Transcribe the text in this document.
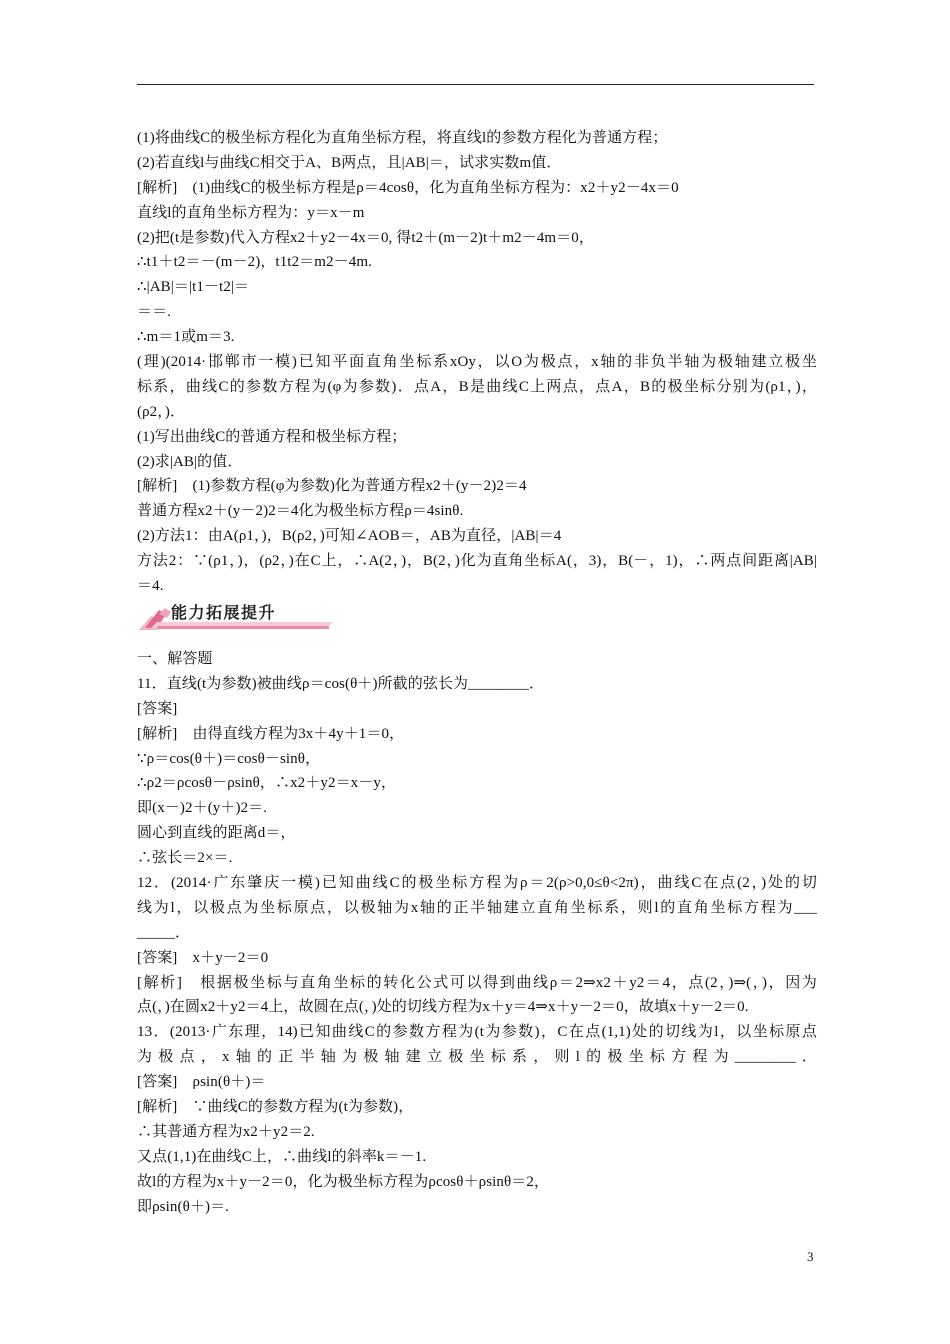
(1)将曲线C的极坐标方程化为直角坐标方程，将直线l的参数方程化为普通方程；
(2)若直线l与曲线C相交于A、B两点，且|AB|＝，试求实数m值．
[解析]　(1)曲线C的极坐标方程是ρ＝4cosθ，化为直角坐标方程为：x2＋y2－4x＝0
直线l的直角坐标方程为：y＝x－m
(2)把(t是参数)代入方程x2＋y2－4x＝0, 得t2＋(m－2)t＋m2－4m＝0，
∴t1＋t2＝－(m－2)，t1t2＝m2－4m.
∴|AB|＝|t1－t2|＝
＝＝.
∴m＝1或m＝3.
(理)(2014·邯郸市一模)已知平面直角坐标系xOy，以O为极点，x轴的非负半轴为极轴建立极坐
标系，曲线C的参数方程为(φ为参数)．点A，B是曲线C上两点，点A，B的极坐标分别为(ρ1，)，
(ρ2，)．
(1)写出曲线C的普通方程和极坐标方程；
(2)求|AB|的值．
[解析]　(1)参数方程(φ为参数)化为普通方程x2＋(y－2)2＝4
普通方程x2＋(y－2)2＝4化为极坐标方程ρ＝4sinθ.
(2)方法1：由A(ρ1，)，B(ρ2，)可知∠AOB＝，AB为直径，|AB|＝4
方法2：∵(ρ1，)，(ρ2，)在C上，∴A(2，)，B(2，)化为直角坐标A(，3)，B(－，1)，∴两点间距离|AB|
＝4.
能力拓展提升
一、解答题
11．直线(t为参数)被曲线ρ＝cos(θ＋)所截的弦长为________．
[答案]
[解析]　由得直线方程为3x＋4y＋1＝0，
∵ρ＝cos(θ＋)＝cosθ－sinθ，
∴ρ2＝ρcosθ－ρsinθ，∴x2＋y2＝x－y，
即(x－)2＋(y＋)2＝.
圆心到直线的距离d＝，
∴弦长＝2×＝.
12．(2014·广东肇庆一模)已知曲线C的极坐标方程为ρ＝2(ρ>0,0≤θ<2π)，曲线C在点(2，)处的切
线为l，以极点为坐标原点，以极轴为x轴的正半轴建立直角坐标系，则l的直角坐标方程为___
_____．
[答案]　x＋y－2＝0
[解析]　根据极坐标与直角坐标的转化公式可以得到曲线ρ＝2⇒x2＋y2＝4，点(2，)⇒(，)，因为
点(，)在圆x2＋y2＝4上，故圆在点(，)处的切线方程为x＋y＝4⇒x＋y－2＝0，故填x＋y－2＝0.
13．(2013·广东理，14)已知曲线C的参数方程为(t为参数)，C在点(1,1)处的切线为l，以坐标原点
为极点，x轴的正半轴为极轴建立极坐标系，则l的极坐标方程为________．
[答案]　ρsin(θ＋)＝
[解析]　∵曲线C的参数方程为(t为参数)，
∴其普通方程为x2＋y2＝2.
又点(1,1)在曲线C上，∴曲线l的斜率k＝－1.
故l的方程为x＋y－2＝0，化为极坐标方程为ρcosθ＋ρsinθ＝2，
即ρsin(θ＋)＝.
3
